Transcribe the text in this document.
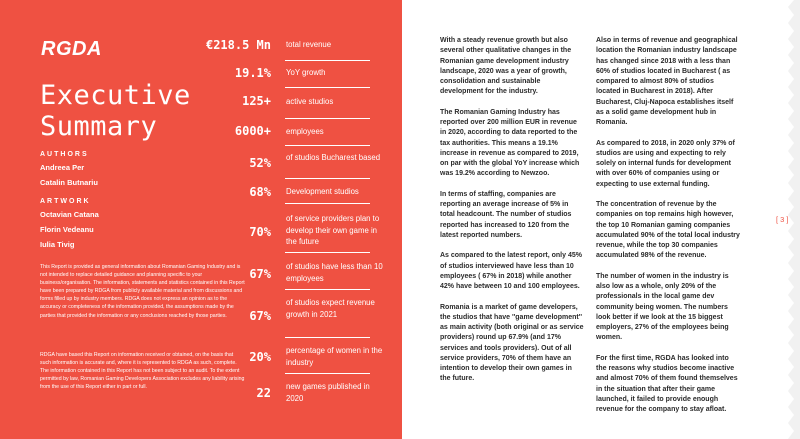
RGDA
Executive
Summary
AUTHORS
Andreea Per
Catalin Butnariu
ARTWORK
Octavian Catana
Florin Vedeanu
Iulia Tivig

This Report is provided as general information about Romanian Gaming Industry and is not intended to replace detailed guidance and planning specific to your business/organisation. The information, statements and statistics contained in this Report have been prepared by RDGA from publicly available material and from discussions and forms filled up by industry members. RDGA does not express an opinion as to the accuracy or completeness of the information provided, the assumptions made by the parties that provided the information or any conclusions reached by those parties.

RDGA have based this Report on information received or obtained, on the basis that such information is accurate and, where it is represented to RDGA as such, complete. The information contained in this Report has not been subject to an audit. To the extent permitted by law, Romanian Gaming Developers Association excludes any liability arising from the use of this Report either in part or full.

€218.5 Mn total revenue
19.1% YoY growth
125+ active studios
6000+ employees
52% of studios Bucharest based
68% Development studios
70%
of service providers plan to develop their own game in the future
67%
of studios have less than 10 employees
67%
of studios expect revenue growth in 2021
20% percentage of women in the industry
22 new games published in 2020

With a steady revenue growth but also several other qualitative changes in the Romanian game development industry landscape, 2020 was a year of growth, consolidation and sustainable development for the industry.

The Romanian Gaming Industry has reported over 200 million EUR in revenue in 2020, according to data reported to the tax authorities. This means a 19.1% increase in revenue as compared to 2019, on par with the global YoY increase which was 19.2% according to Newzoo.

In terms of staffing, companies are reporting an average increase of 5% in total headcount. The number of studios reported has increased to 120 from the latest reported numbers.

As compared to the latest report, only 45% of studios interviewed have less than 10 employees ( 67% in 2018) while another 42% have between 10 and 100 employees.

Romania is a market of game developers, the studios that have ''game development'' as main activity (both original or as service providers) round up 67.9% (and 17% services and tools providers). Out of all service providers, 70% of them have an intention to develop their own games in the future.

Also in terms of revenue and geographical location the Romanian industry landscape has changed since 2018 with a less than 60% of studios located in Bucharest ( as compared to almost 80% of studios located in Bucharest in 2018). After Bucharest, Cluj-Napoca establishes itself as a solid game development hub in Romania.

As compared to 2018, in 2020 only 37% of studios are using and expecting to rely solely on internal funds for development with over 60% of companies using or expecting to use external funding.

The concentration of revenue by the companies on top remains high however, the top 10 Romanian gaming companies accumulated 90% of the total local industry revenue, while the top 30 companies accumulated 98% of the revenue.

The number of women in the industry is also low as a whole, only 20% of the professionals in the local game dev community being women. The numbers look better if we look at the 15 biggest employers, 27% of the employees being women.

For the first time, RGDA has looked into the reasons why studios become inactive and almost 70% of them found themselves in the situation that after their game launched, it failed to provide enough revenue for the company to stay afloat.

[ 3 ]
